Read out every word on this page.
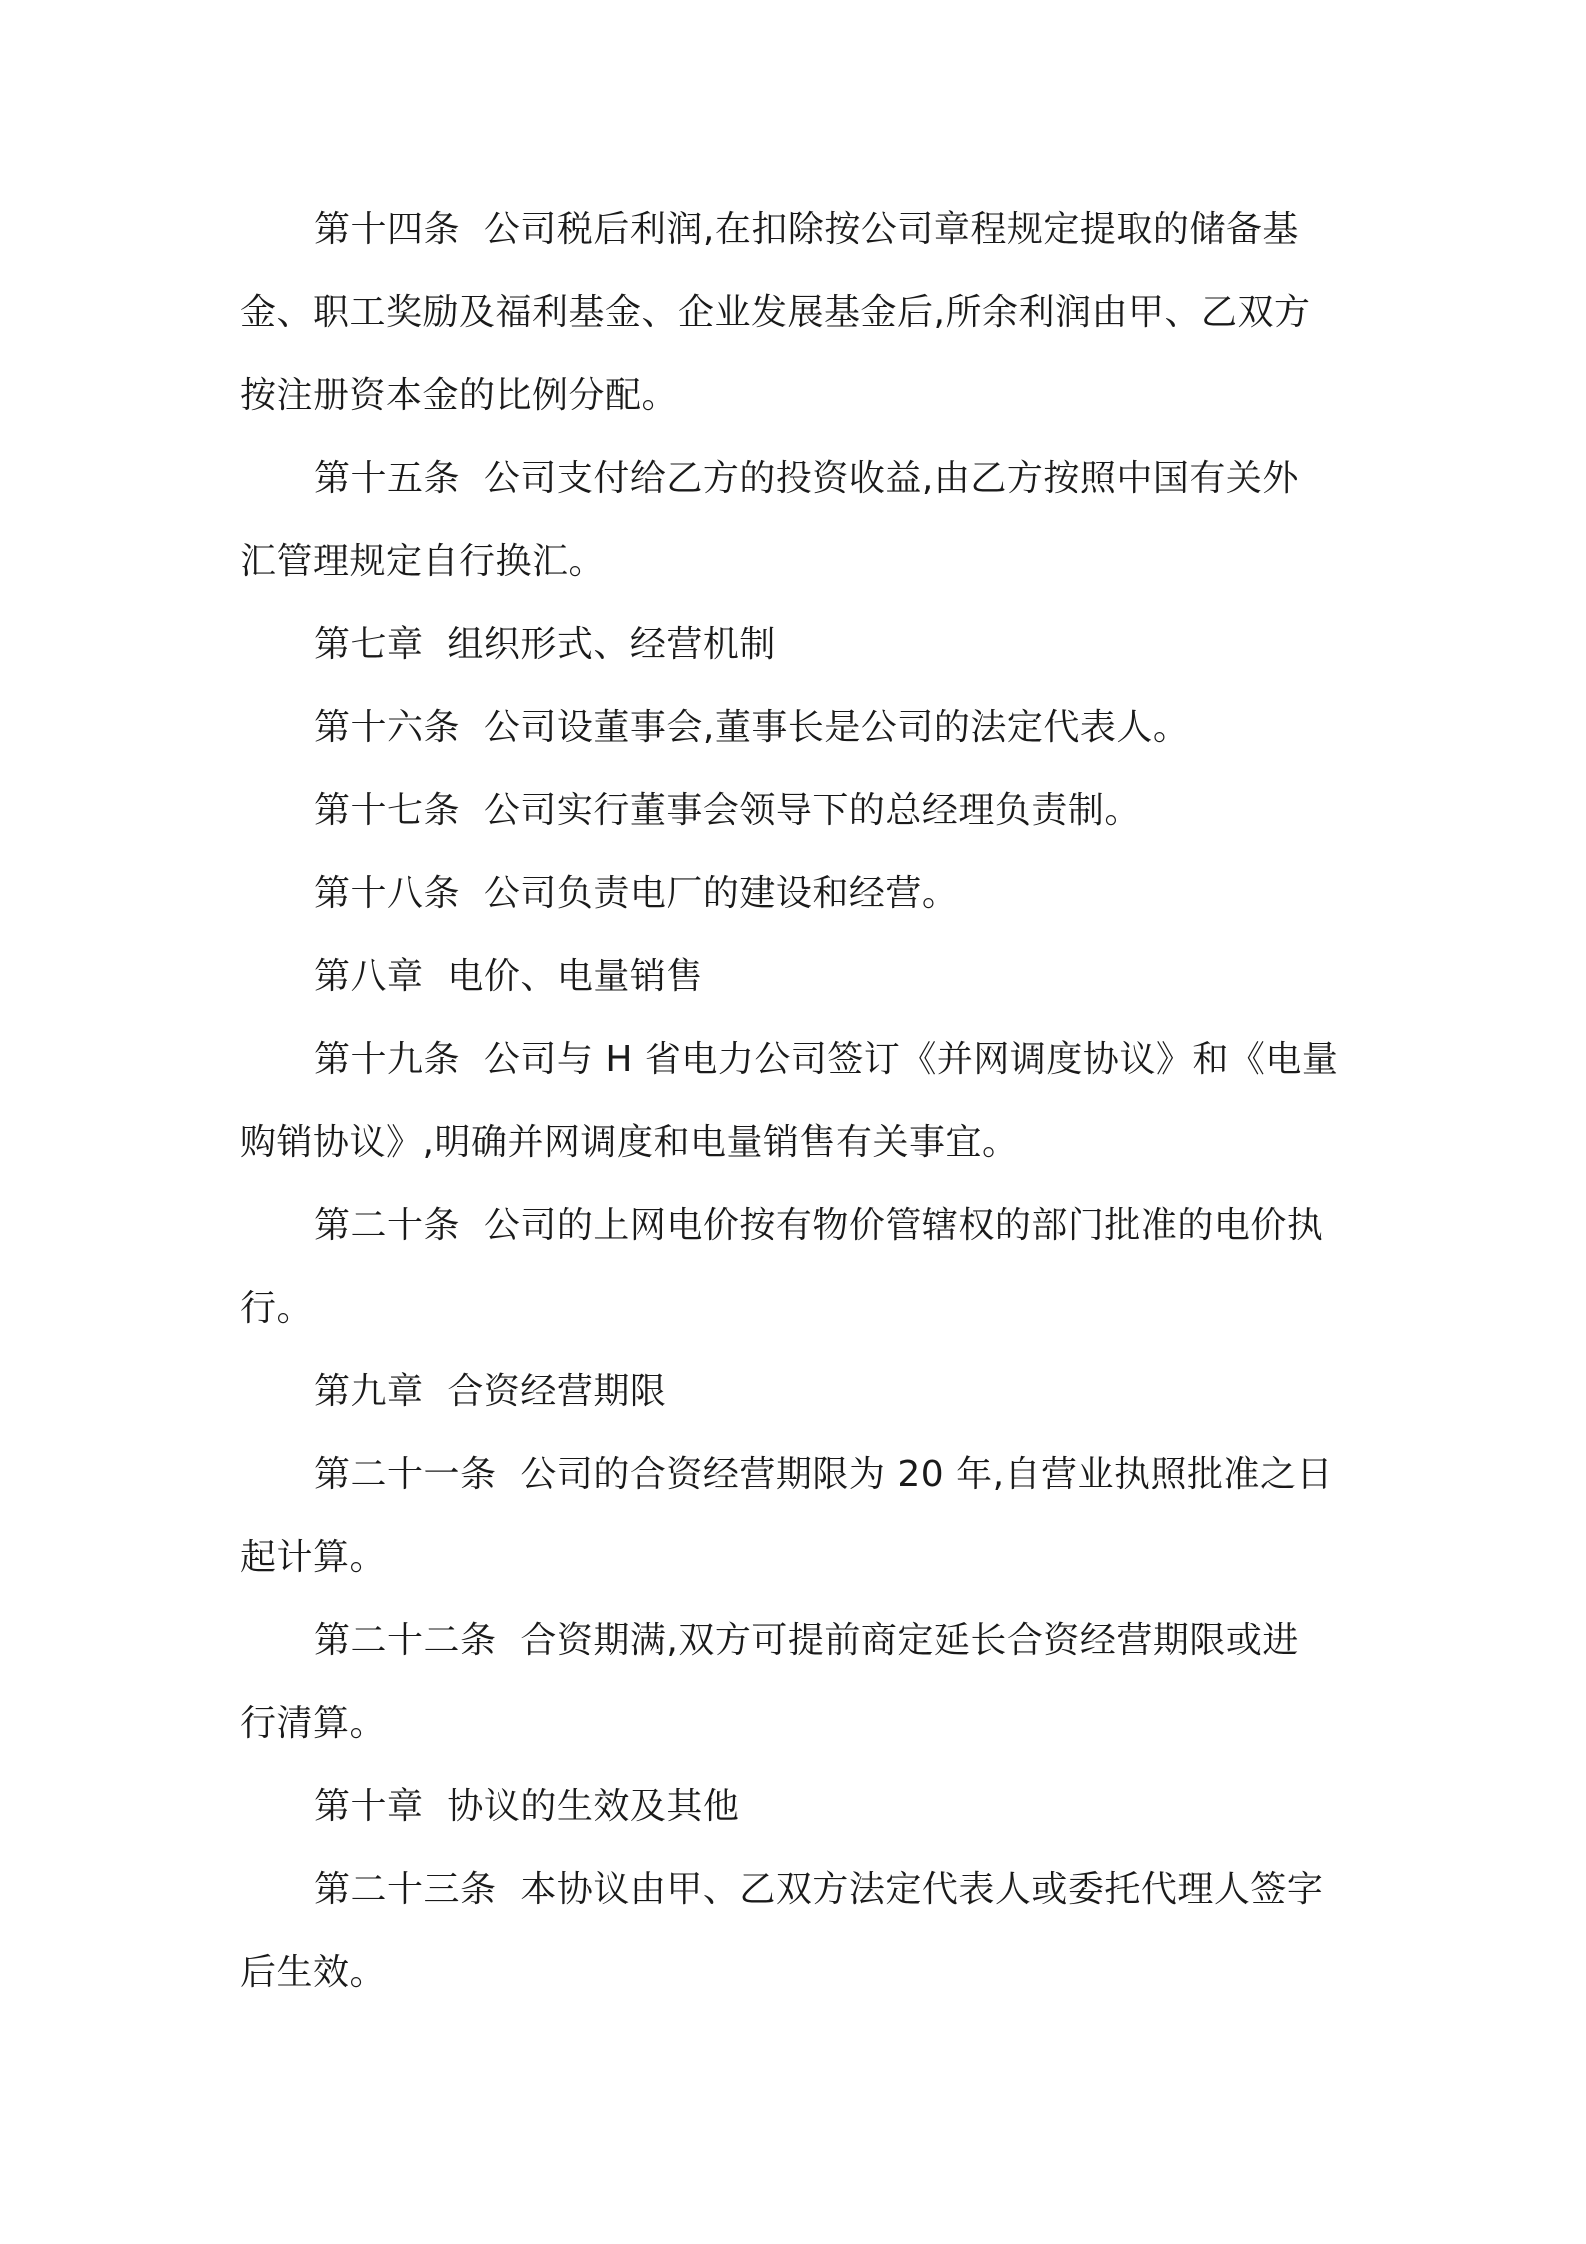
第十四条  公司税后利润,在扣除按公司章程规定提取的储备基
金、职工奖励及福利基金、企业发展基金后,所余利润由甲、乙双方
按注册资本金的比例分配。
第十五条  公司支付给乙方的投资收益,由乙方按照中国有关外
汇管理规定自行换汇。
第七章  组织形式、经营机制
第十六条  公司设董事会,董事长是公司的法定代表人。
第十七条  公司实行董事会领导下的总经理负责制。
第十八条  公司负责电厂的建设和经营。
第八章  电价、电量销售
第十九条  公司与 H 省电力公司签订《并网调度协议》和《电量
购销协议》,明确并网调度和电量销售有关事宜。
第二十条  公司的上网电价按有物价管辖权的部门批准的电价执
行。
第九章  合资经营期限
第二十一条  公司的合资经营期限为 20 年,自营业执照批准之日
起计算。
第二十二条  合资期满,双方可提前商定延长合资经营期限或进
行清算。
第十章  协议的生效及其他
第二十三条  本协议由甲、乙双方法定代表人或委托代理人签字
后生效。
